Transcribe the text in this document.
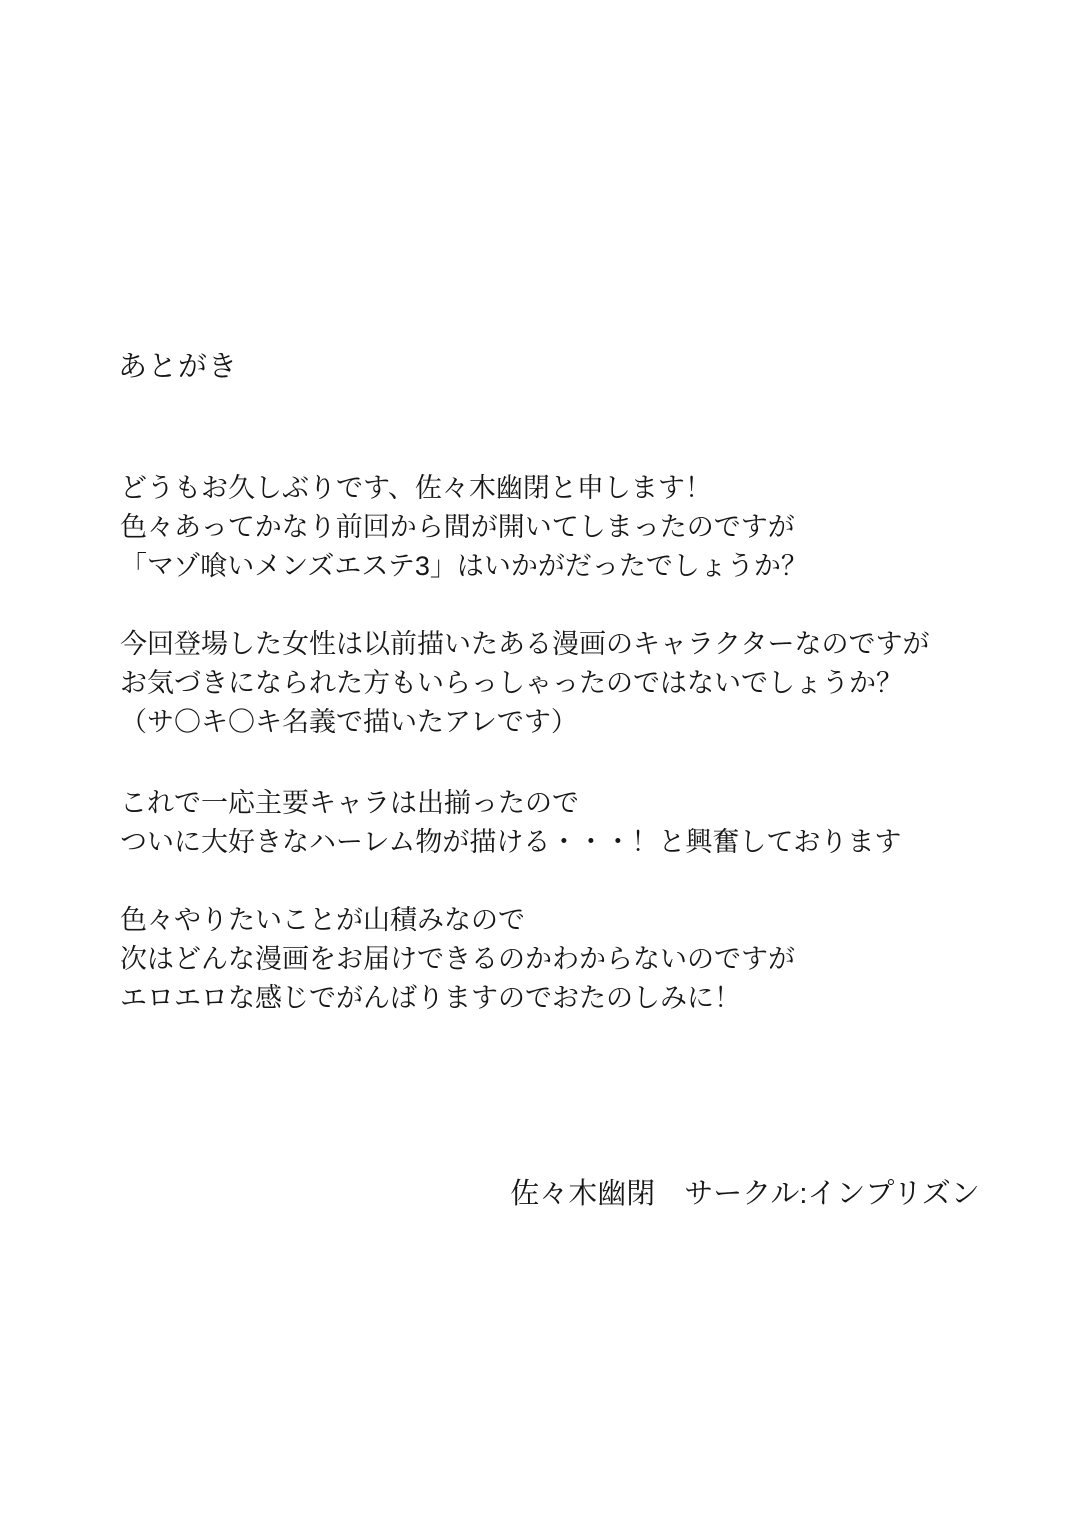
あとがき

どうもお久しぶりです、佐々木幽閉と申します！
色々あってかなり前回から間が開いてしまったのですが
「マゾ喰いメンズエステ3」はいかがだったでしょうか？

今回登場した女性は以前描いたある漫画のキャラクターなのですが
お気づきになられた方もいらっしゃったのではないでしょうか？
（サ〇キ〇キ名義で描いたアレです）

これで一応主要キャラは出揃ったので
ついに大好きなハーレム物が描ける・・・！と興奮しております

色々やりたいことが山積みなので
次はどんな漫画をお届けできるのかわからないのですが
エロエロな感じでがんばりますのでおたのしみに！

佐々木幽閉 サークル:インプリズン
